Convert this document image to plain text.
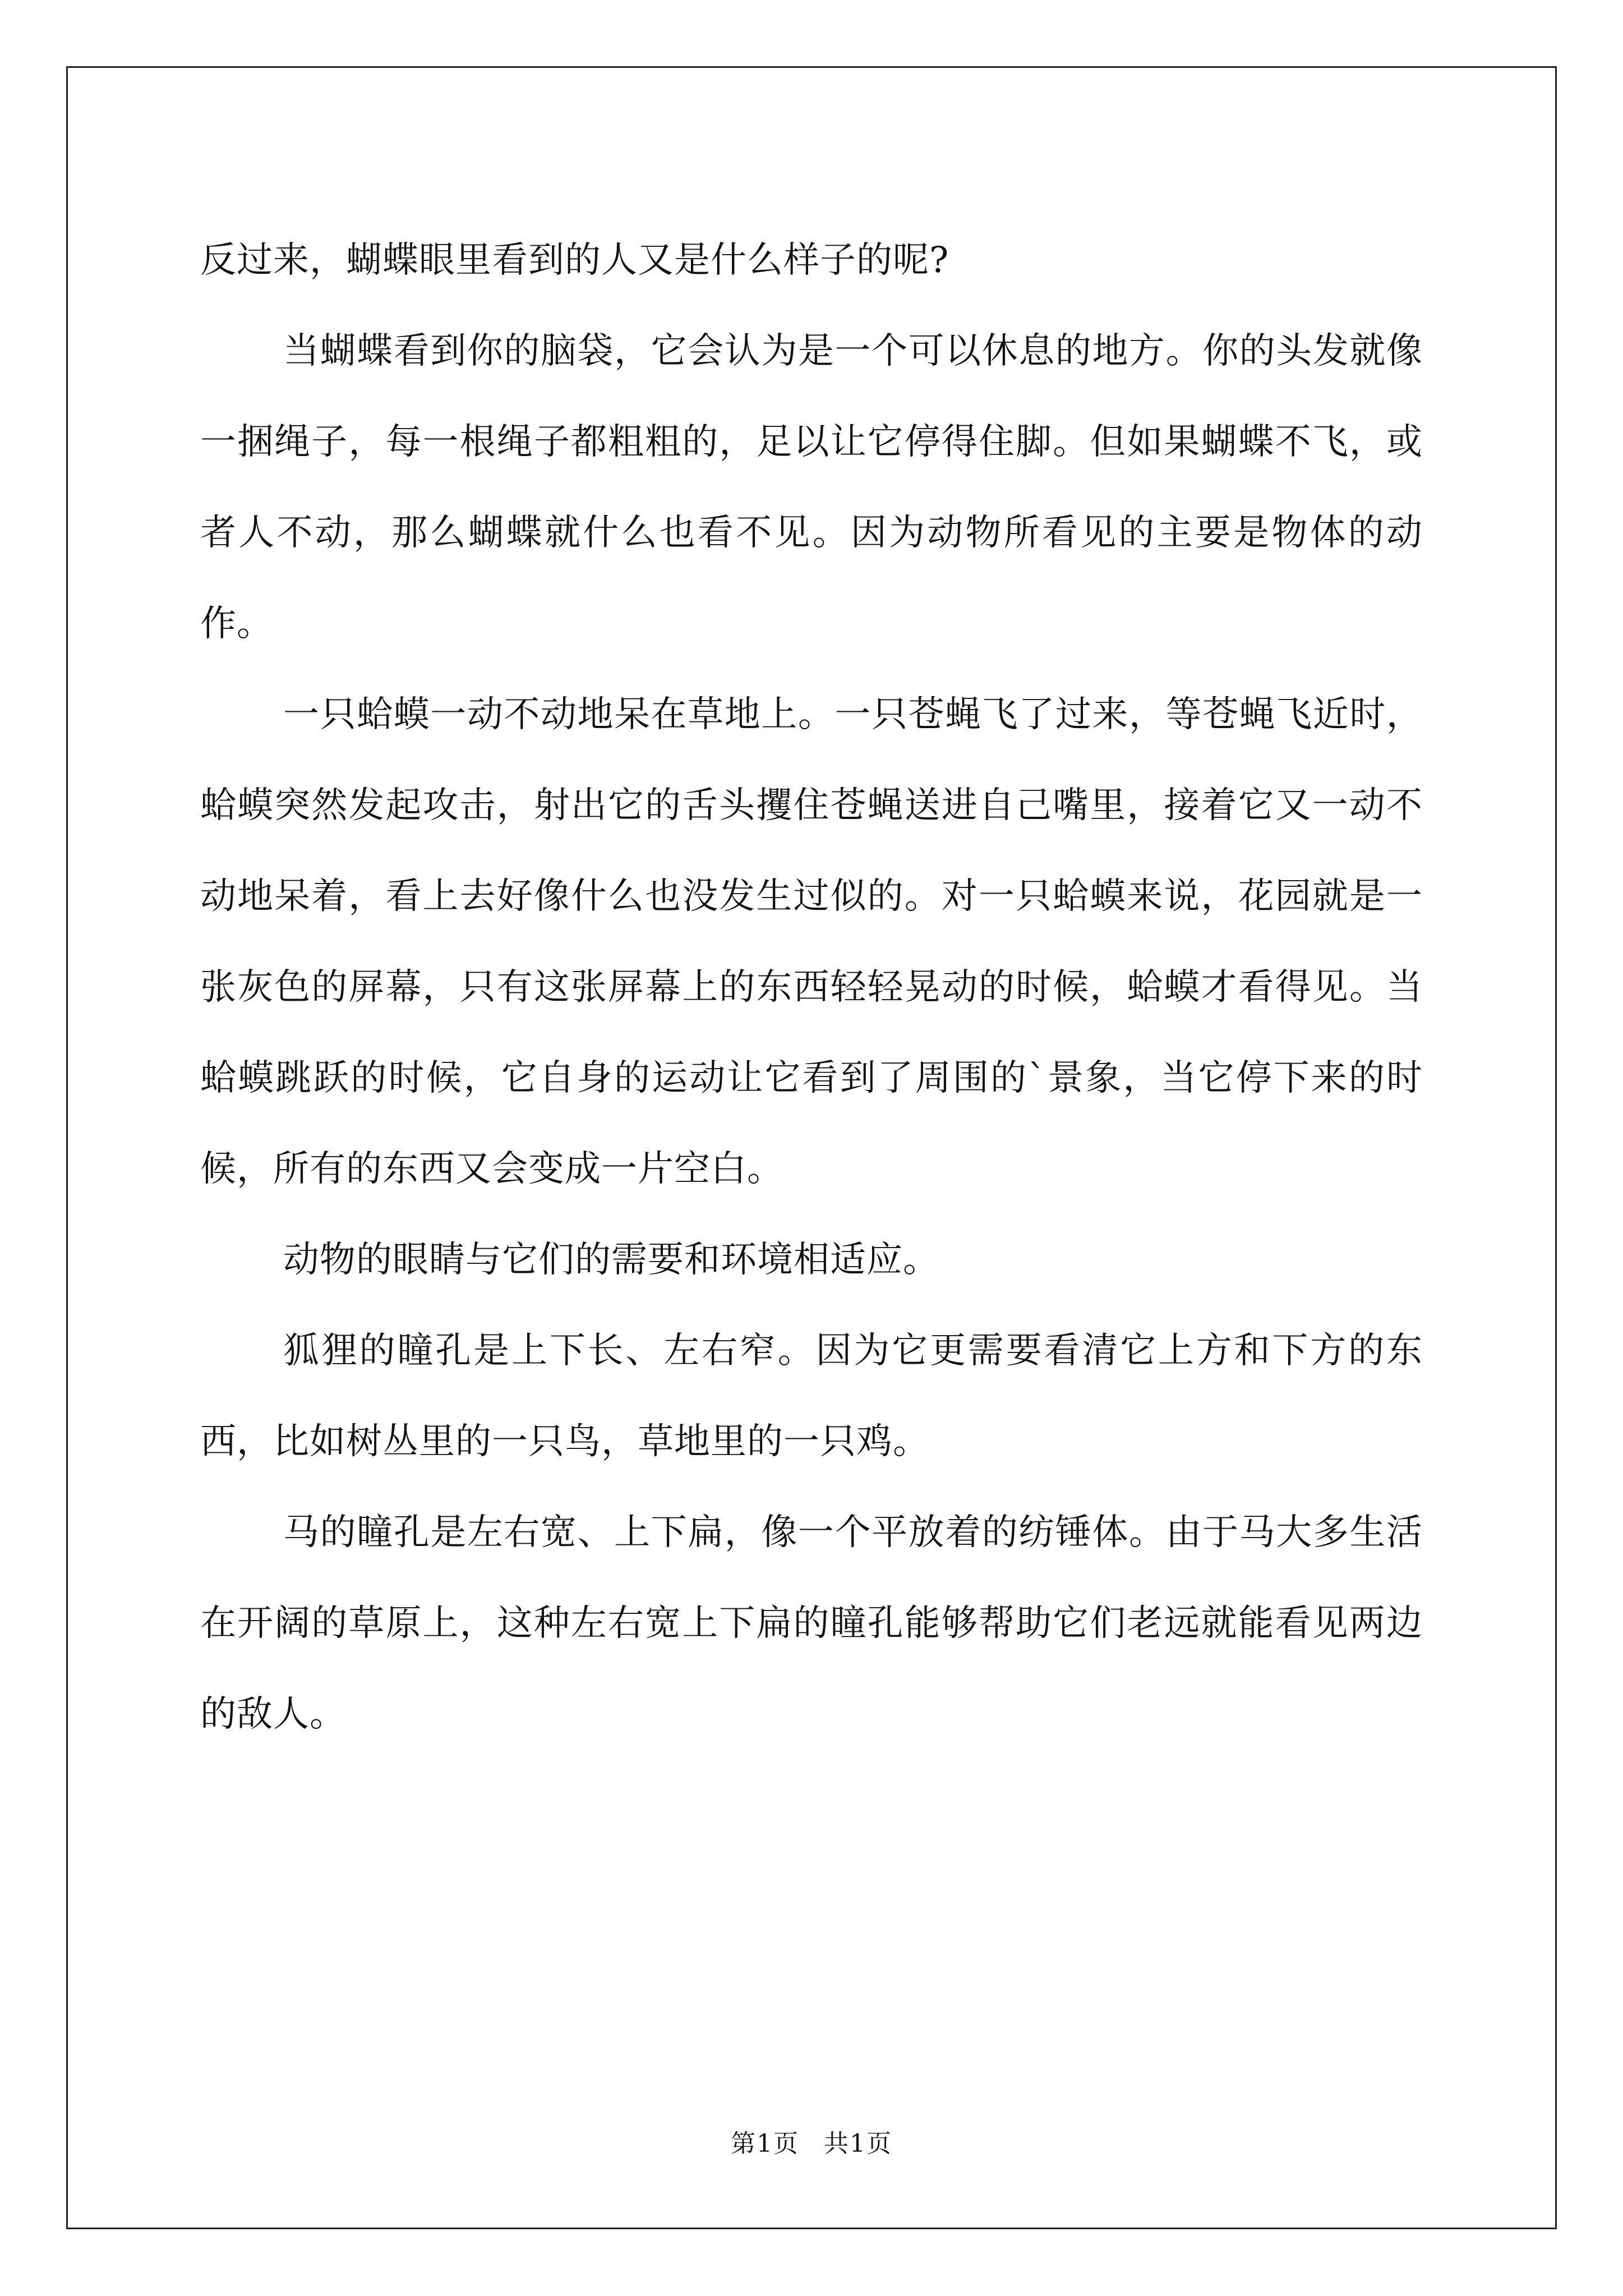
反过来，蝴蝶眼里看到的人又是什么样子的呢?

当蝴蝶看到你的脑袋，它会认为是一个可以休息的地方。你的头发就像一捆绳子，每一根绳子都粗粗的，足以让它停得住脚。但如果蝴蝶不飞，或者人不动，那么蝴蝶就什么也看不见。因为动物所看见的主要是物体的动作。

一只蛤蟆一动不动地呆在草地上。一只苍蝇飞了过来，等苍蝇飞近时，蛤蟆突然发起攻击，射出它的舌头攫住苍蝇送进自己嘴里，接着它又一动不动地呆着，看上去好像什么也没发生过似的。对一只蛤蟆来说，花园就是一张灰色的屏幕，只有这张屏幕上的东西轻轻晃动的时候，蛤蟆才看得见。当蛤蟆跳跃的时候，它自身的运动让它看到了周围的`景象，当它停下来的时候，所有的东西又会变成一片空白。

动物的眼睛与它们的需要和环境相适应。

狐狸的瞳孔是上下长、左右窄。因为它更需要看清它上方和下方的东西，比如树丛里的一只鸟，草地里的一只鸡。

马的瞳孔是左右宽、上下扁，像一个平放着的纺锤体。由于马大多生活在开阔的草原上，这种左右宽上下扁的瞳孔能够帮助它们老远就能看见两边的敌人。

第1页 共1页
